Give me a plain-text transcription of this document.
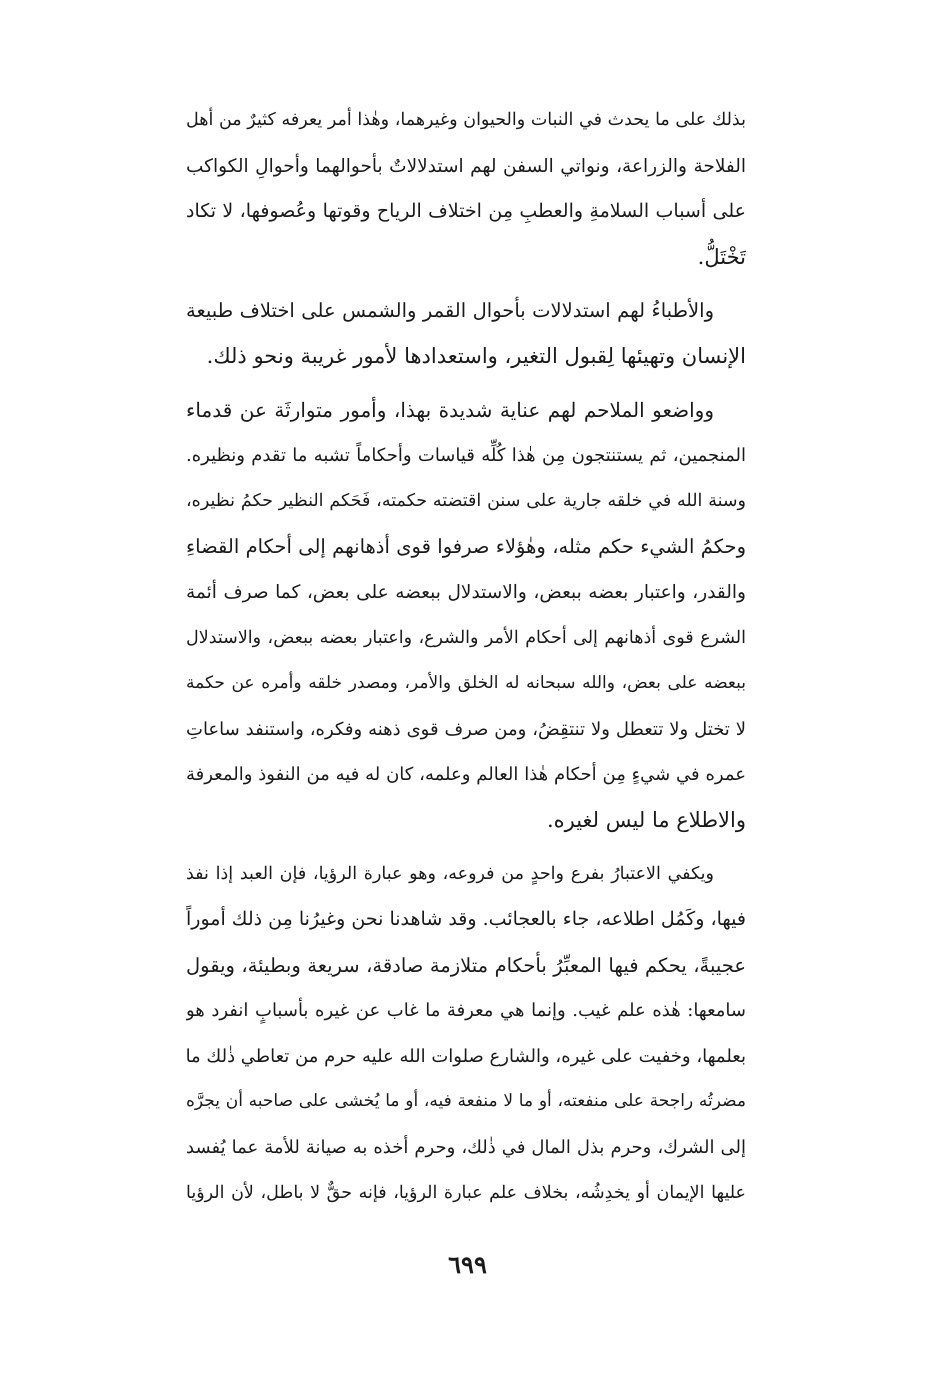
بذلك على ما يحدث في النبات والحيوان وغيرهما، وهٰذا أمر يعرفه كثيرٌ من أهل
الفلاحة والزراعة، ونواتي السفن لهم استدلالاتٌ بأحوالهما وأحوالِ الكواكب
على أسباب السلامةِ والعطبِ مِن اختلاف الرياح وقوتها وعُصوفها، لا تكاد
تَخْتَلُّ.
والأطباءُ لهم استدلالات بأحوال القمر والشمس على اختلاف طبيعة
الإنسان وتهيئها لِقبول التغير، واستعدادها لأمور غريبة ونحو ذلك.
وواضعو الملاحم لهم عناية شديدة بهذا، وأمور متوارثَة عن قدماء
المنجمين، ثم يستنتجون مِن هٰذا كُلِّه قياسات وأحكاماً تشبه ما تقدم ونظيره.
وسنة الله في خلقه جارية على سنن اقتضته حكمته، فَحَكم النظير حكمُ نظيره،
وحكمُ الشيء حكم مثله، وهٰؤلاء صرفوا قوى أذهانهم إلى أحكام القضاءِ
والقدر، واعتبار بعضه ببعض، والاستدلال ببعضه على بعض، كما صرف أئمة
الشرع قوى أذهانهم إلى أحكام الأمر والشرع، واعتبار بعضه ببعض، والاستدلال
ببعضه على بعض، والله سبحانه له الخلق والأمر، ومصدر خلقه وأمره عن حكمة
لا تختل ولا تتعطل ولا تنتقِضُ، ومن صرف قوى ذهنه وفكره، واستنفد ساعاتِ
عمره في شيءٍ مِن أحكام هٰذا العالم وعلمه، كان له فيه من النفوذ والمعرفة
والاطلاع ما ليس لغيره.
ويكفي الاعتبارُ بفرع واحدٍ من فروعه، وهو عبارة الرؤيا، فإن العبد إذا نفذ
فيها، وكَمُل اطلاعه، جاء بالعجائب. وقد شاهدنا نحن وغيرُنا مِن ذلك أموراً
عجيبةً، يحكم فيها المعبِّرُ بأحكام متلازمة صادقة، سريعة وبطيئة، ويقول
سامعها: هٰذه علم غيب. وإنما هي معرفة ما غاب عن غيره بأسبابٍ انفرد هو
بعلمها، وخفيت على غيره، والشارع صلوات الله عليه حرم من تعاطي ذٰلك ما
مضرتُه راجحة على منفعته، أو ما لا منفعة فيه، أو ما يُخشى على صاحبه أن يجرَّه
إلى الشرك، وحرم بذل المال في ذٰلك، وحرم أخذه به صيانة للأمة عما يُفسد
عليها الإيمان أو يخدِشُه، بخلاف علم عبارة الرؤيا، فإنه حقٌّ لا باطل، لأن الرؤيا
٦٩٩
